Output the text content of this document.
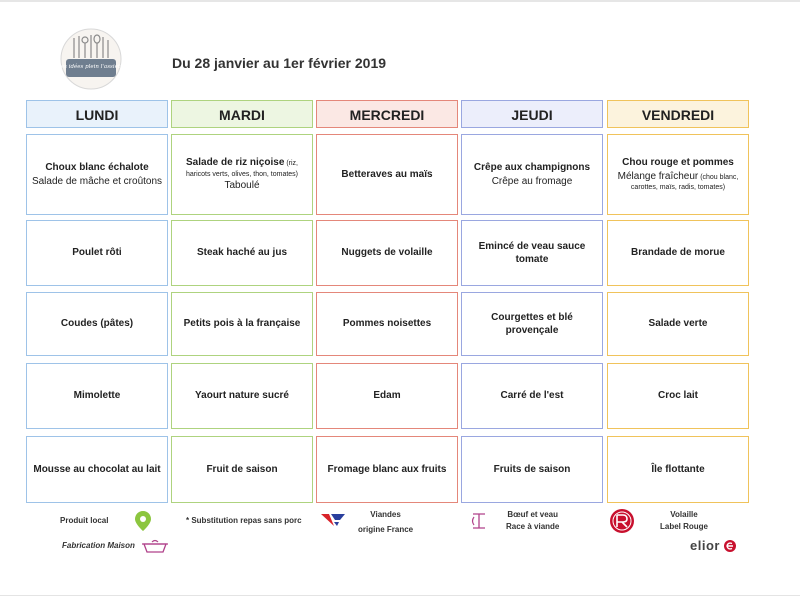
Des idées plein l'assiette	Du 28 janvier au 1er février 2019
LUNDI
Choux blanc échalote
Salade de mâche et croûtons
Poulet rôti
Coudes (pâtes)
Mimolette
Mousse au chocolat au lait
MARDI
Salade de riz niçoise (riz,
haricots verts, olives, thon, tomates)
Taboulé
Steak haché au jus
Petits pois à la française
Yaourt nature sucré
Fruit de saison
MERCREDI
Betteraves au maïs
Nuggets de volaille
Pommes noisettes
Edam
Fromage blanc aux fruits
JEUDI
Crêpe aux champignons
Crêpe au fromage
Emincé de veau sauce tomate
Courgettes et blé provençale
Carré de l'est
Fruits de saison
VENDREDI
Chou rouge et pommes
Mélange fraîcheur (chou blanc,
carottes, maïs, radis, tomates)
Brandade de morue
Salade verte
Croc lait
Île flottante
Produit local
Fabrication Maison
* Substitution repas sans porc
Viandes
origine France
Bœuf et veau
Race à viande
Volaille
Label Rouge
elior
